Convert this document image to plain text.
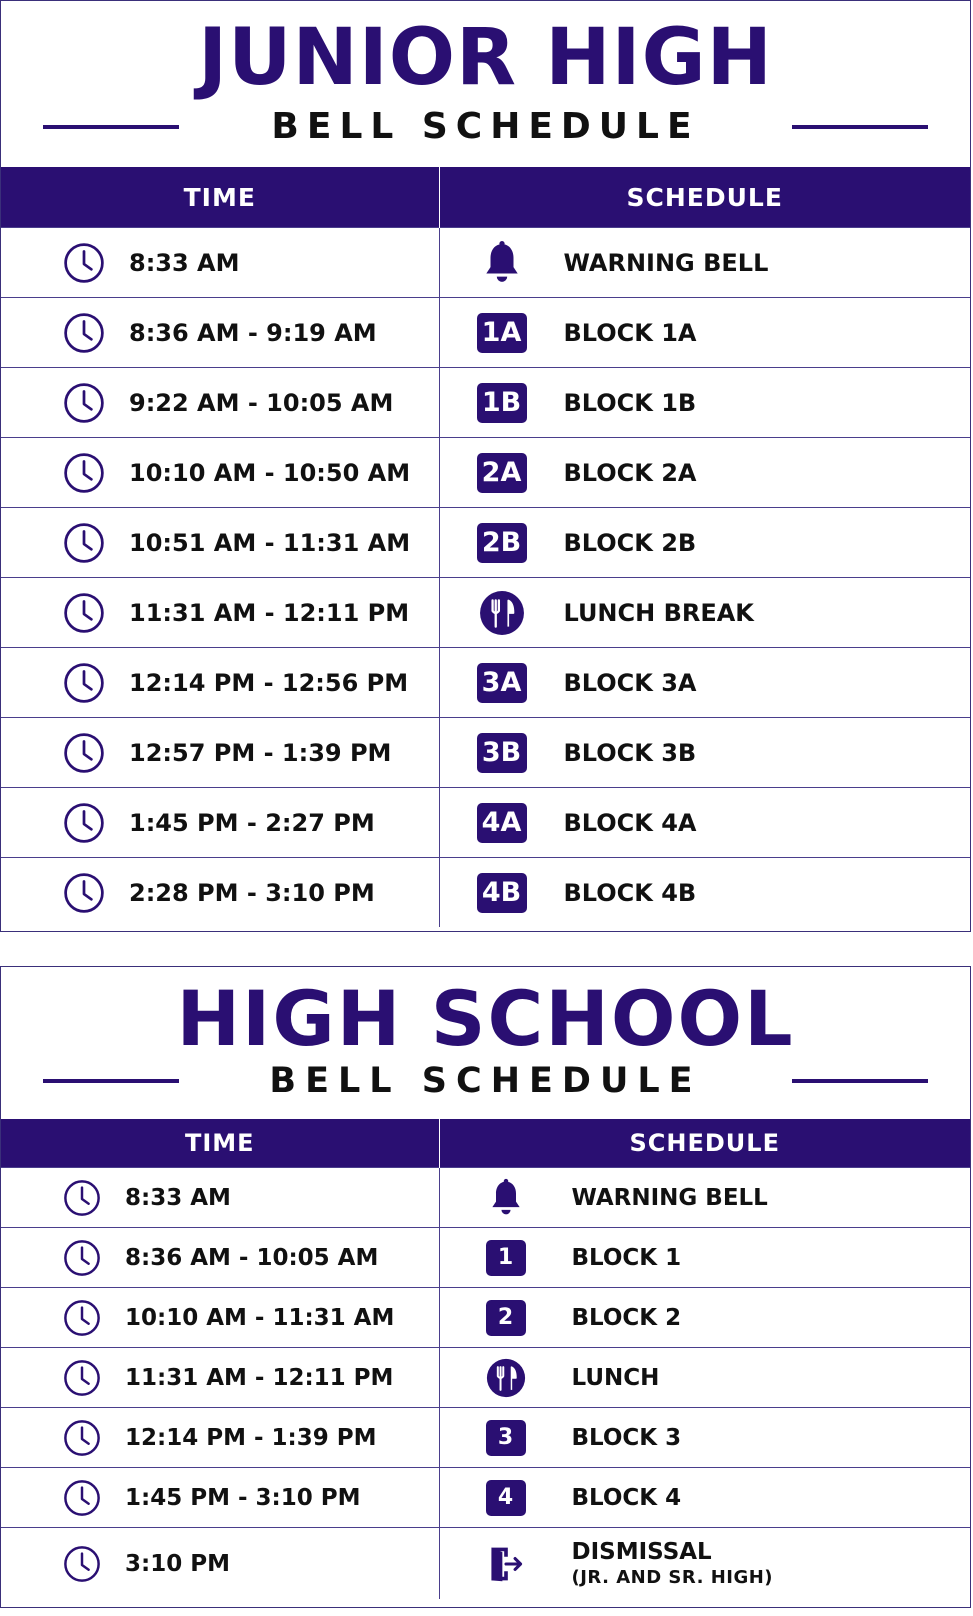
JUNIOR HIGH
BELL SCHEDULE
TIME	SCHEDULE

8:33 AM	WARNING BELL

8:36 AM - 9:19 AM	1A BLOCK 1A

9:22 AM - 10:05 AM	1B BLOCK 1B

10:10 AM - 10:50 AM	2A BLOCK 2A

10:51 AM - 11:31 AM	2B BLOCK 2B

11:31 AM - 12:11 PM	LUNCH BREAK

12:14 PM - 12:56 PM	3A BLOCK 3A

12:57 PM - 1:39 PM	3B BLOCK 3B

1:45 PM - 2:27 PM	4A BLOCK 4A

2:28 PM - 3:10 PM	4B BLOCK 4B
HIGH SCHOOL
BELL SCHEDULE
TIME	SCHEDULE

8:33 AM	WARNING BELL

8:36 AM - 10:05 AM	1 BLOCK 1

10:10 AM - 11:31 AM	2 BLOCK 2

11:31 AM - 12:11 PM	LUNCH

12:14 PM - 1:39 PM	3 BLOCK 3

1:45 PM - 3:10 PM	4 BLOCK 4

3:10 PM	DISMISSAL
(JR. AND SR. HIGH)
